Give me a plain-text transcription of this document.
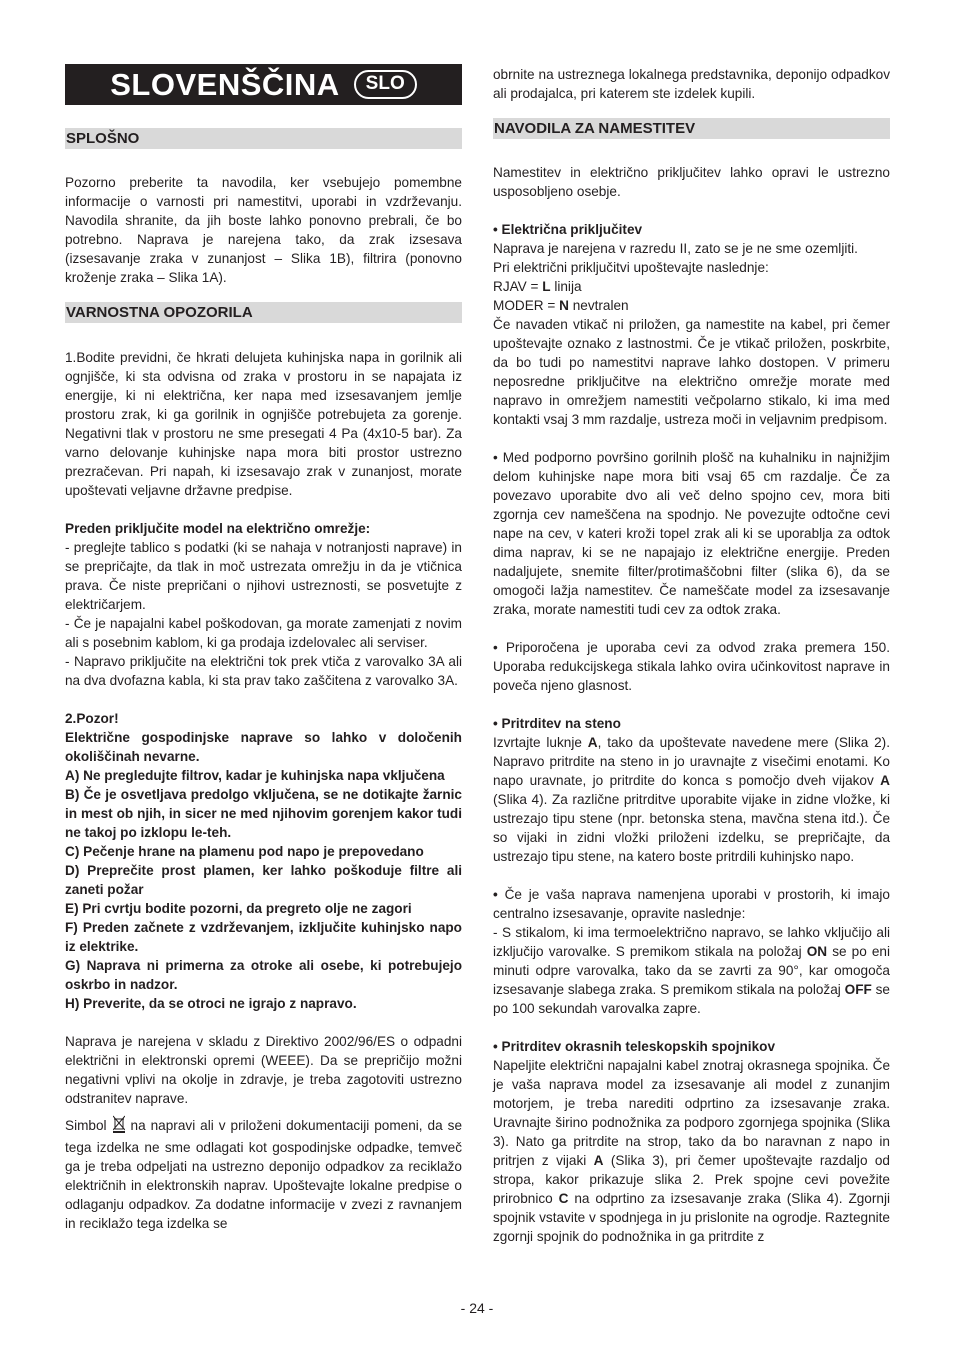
SLOVENŠČINA	SLO
SPLOŠNO

Pozorno preberite ta navodila, ker vsebujejo pomembne informacije o varnosti pri namestitvi, uporabi in vzdrževanju. Navodila shranite, da jih boste lahko ponovno prebrali, če bo potrebno. Naprava je narejena tako, da zrak izsesava (izsesavanje zraka v zunanjost – Slika 1B), filtrira (ponovno kroženje zraka – Slika 1A).

VARNOSTNA OPOZORILA

1.Bodite previdni, če hkrati delujeta kuhinjska napa in gorilnik ali ognjišče, ki sta odvisna od zraka v prostoru in se napajata iz energije, ki ni električna, ker napa med izsesavanjem jemlje prostoru zrak, ki ga gorilnik in ognjišče potrebujeta za gorenje. Negativni tlak v prostoru ne sme presegati 4 Pa (4x10-5 bar). Za varno delovanje kuhinjske napa mora biti prostor ustrezno prezračevan. Pri napah, ki izsesavajo zrak v zunanjost, morate upoštevati veljavne državne predpise.

Preden priključite model na električno omrežje:

- preglejte tablico s podatki (ki se nahaja v notranjosti naprave) in se prepričajte, da tlak in moč ustrezata omrežju in da je vtičnica prava. Če niste prepričani o njihovi ustreznosti, se posvetujte z električarjem.

- Če je napajalni kabel poškodovan, ga morate zamenjati z novim ali s posebnim kablom, ki ga prodaja izdelovalec ali serviser.

- Napravo priključite na električni tok prek vtiča z varovalko 3A ali na dva dvofazna kabla, ki sta prav tako zaščitena z varovalko 3A.

2.Pozor!

Električne gospodinjske naprave so lahko v določenih okoliščinah nevarne.

A) Ne pregledujte filtrov, kadar je kuhinjska napa vključena

B) Če je osvetljava predolgo vključena, se ne dotikajte žarnic in mest ob njih, in sicer ne med njihovim gorenjem kakor tudi ne takoj po izklopu le-teh.

C) Pečenje hrane na plamenu pod napo je prepovedano

D) Preprečite prost plamen, ker lahko poškoduje filtre ali zaneti požar

E) Pri cvrtju bodite pozorni, da pregreto olje ne zagori

F) Preden začnete z vzdrževanjem, izključite kuhinjsko napo iz elektrike.

G) Naprava ni primerna za otroke ali osebe, ki potrebujejo oskrbo in nadzor.

H) Preverite, da se otroci ne igrajo z napravo.

Naprava je narejena v skladu z Direktivo 2002/96/ES o odpadni električni in elektronski opremi (WEEE). Da se prepričijo možni negativni vplivi na okolje in zdravje, je treba zagotoviti ustrezno odstranitev naprave.

Simbol na napravi ali v priloženi dokumentaciji pomeni, da se tega izdelka ne sme odlagati kot gospodinjske odpadke, temveč ga je treba odpeljati na ustrezno deponijo odpadkov za reciklažo električnih in elektronskih naprav. Upoštevajte lokalne predpise o odlaganju odpadkov. Za dodatne informacije v zvezi z ravnanjem in reciklažo tega izdelka se

obrnite na ustreznega lokalnega predstavnika, deponijo odpadkov ali prodajalca, pri katerem ste izdelek kupili.

NAVODILA ZA NAMESTITEV

Namestitev in električno priključitev lahko opravi le ustrezno usposobljeno osebje.

• Električna priključitev

Naprava je narejena v razredu II, zato se je ne sme ozemljiti.

Pri električni priključitvi upoštevajte naslednje:

RJAV = L linija

MODER = N nevtralen

Če navaden vtikač ni priložen, ga namestite na kabel, pri čemer upoštevajte oznako z lastnostmi. Če je vtikač priložen, poskrbite, da bo tudi po namestitvi naprave lahko dostopen. V primeru neposredne priključitve na električno omrežje morate med napravo in omrežjem namestiti večpolarno stikalo, ki ima med kontakti vsaj 3 mm razdalje, ustreza moči in veljavnim predpisom.

• Med podporno površino gorilnih plošč na kuhalniku in najnižjim delom kuhinjske nape mora biti vsaj 65 cm razdalje. Če za povezavo uporabite dvo ali več delno spojno cev, mora biti zgornja cev nameščena na spodnjo. Ne povezujte odtočne cevi nape na cev, v kateri kroži topel zrak ali ki se uporablja za odtok dima naprav, ki se ne napajajo iz električne energije. Preden nadaljujete, snemite filter/protimaščobni filter (slika 6), da se omogoči lažja namestitev. Če nameščate model za izsesavanje zraka, morate namestiti tudi cev za odtok zraka.

• Priporočena je uporaba cevi za odvod zraka premera 150. Uporaba redukcijskega stikala lahko ovira učinkovitost naprave in poveča njeno glasnost.

• Pritrditev na steno

Izvrtajte luknje A, tako da upoštevate navedene mere (Slika 2). Napravo pritrdite na steno in jo uravnajte z visečimi enotami. Ko napo uravnate, jo pritrdite do konca s pomočjo dveh vijakov A (Slika 4). Za različne pritrditve uporabite vijake in zidne vložke, ki ustrezajo tipu stene (npr. betonska stena, mavčna stena itd.). Če so vijaki in zidni vložki priloženi izdelku, se prepričajte, da ustrezajo tipu stene, na katero boste pritrdili kuhinjsko napo.

• Če je vaša naprava namenjena uporabi v prostorih, ki imajo centralno izsesavanje, opravite naslednje:

- S stikalom, ki ima termoelektrično napravo, se lahko vključijo ali izključijo varovalke. S premikom stikala na položaj ON se po eni minuti odpre varovalka, tako da se zavrti za 90°, kar omogoča izsesavanje slabega zraka. S premikom stikala na položaj OFF se po 100 sekundah varovalka zapre.

• Pritrditev okrasnih teleskopskih spojnikov

Napeljite električni napajalni kabel znotraj okrasnega spojnika. Če je vaša naprava model za izsesavanje ali model z zunanjim motorjem, je treba narediti odprtino za izsesavanje zraka. Uravnajte širino podnožnika za podporo zgornjega spojnika (Slika 3). Nato ga pritrdite na strop, tako da bo naravnan z napo in pritrjen z vijaki A (Slika 3), pri čemer upoštevajte razdaljo od stropa, kakor prikazuje slika 2. Prek spojne cevi povežite prirobnico C na odprtino za izsesavanje zraka (Slika 4). Zgornji spojnik vstavite v spodnjega in ju prislonite na ogrodje. Raztegnite zgornji spojnik do podnožnika in ga pritrdite z

- 24 -
